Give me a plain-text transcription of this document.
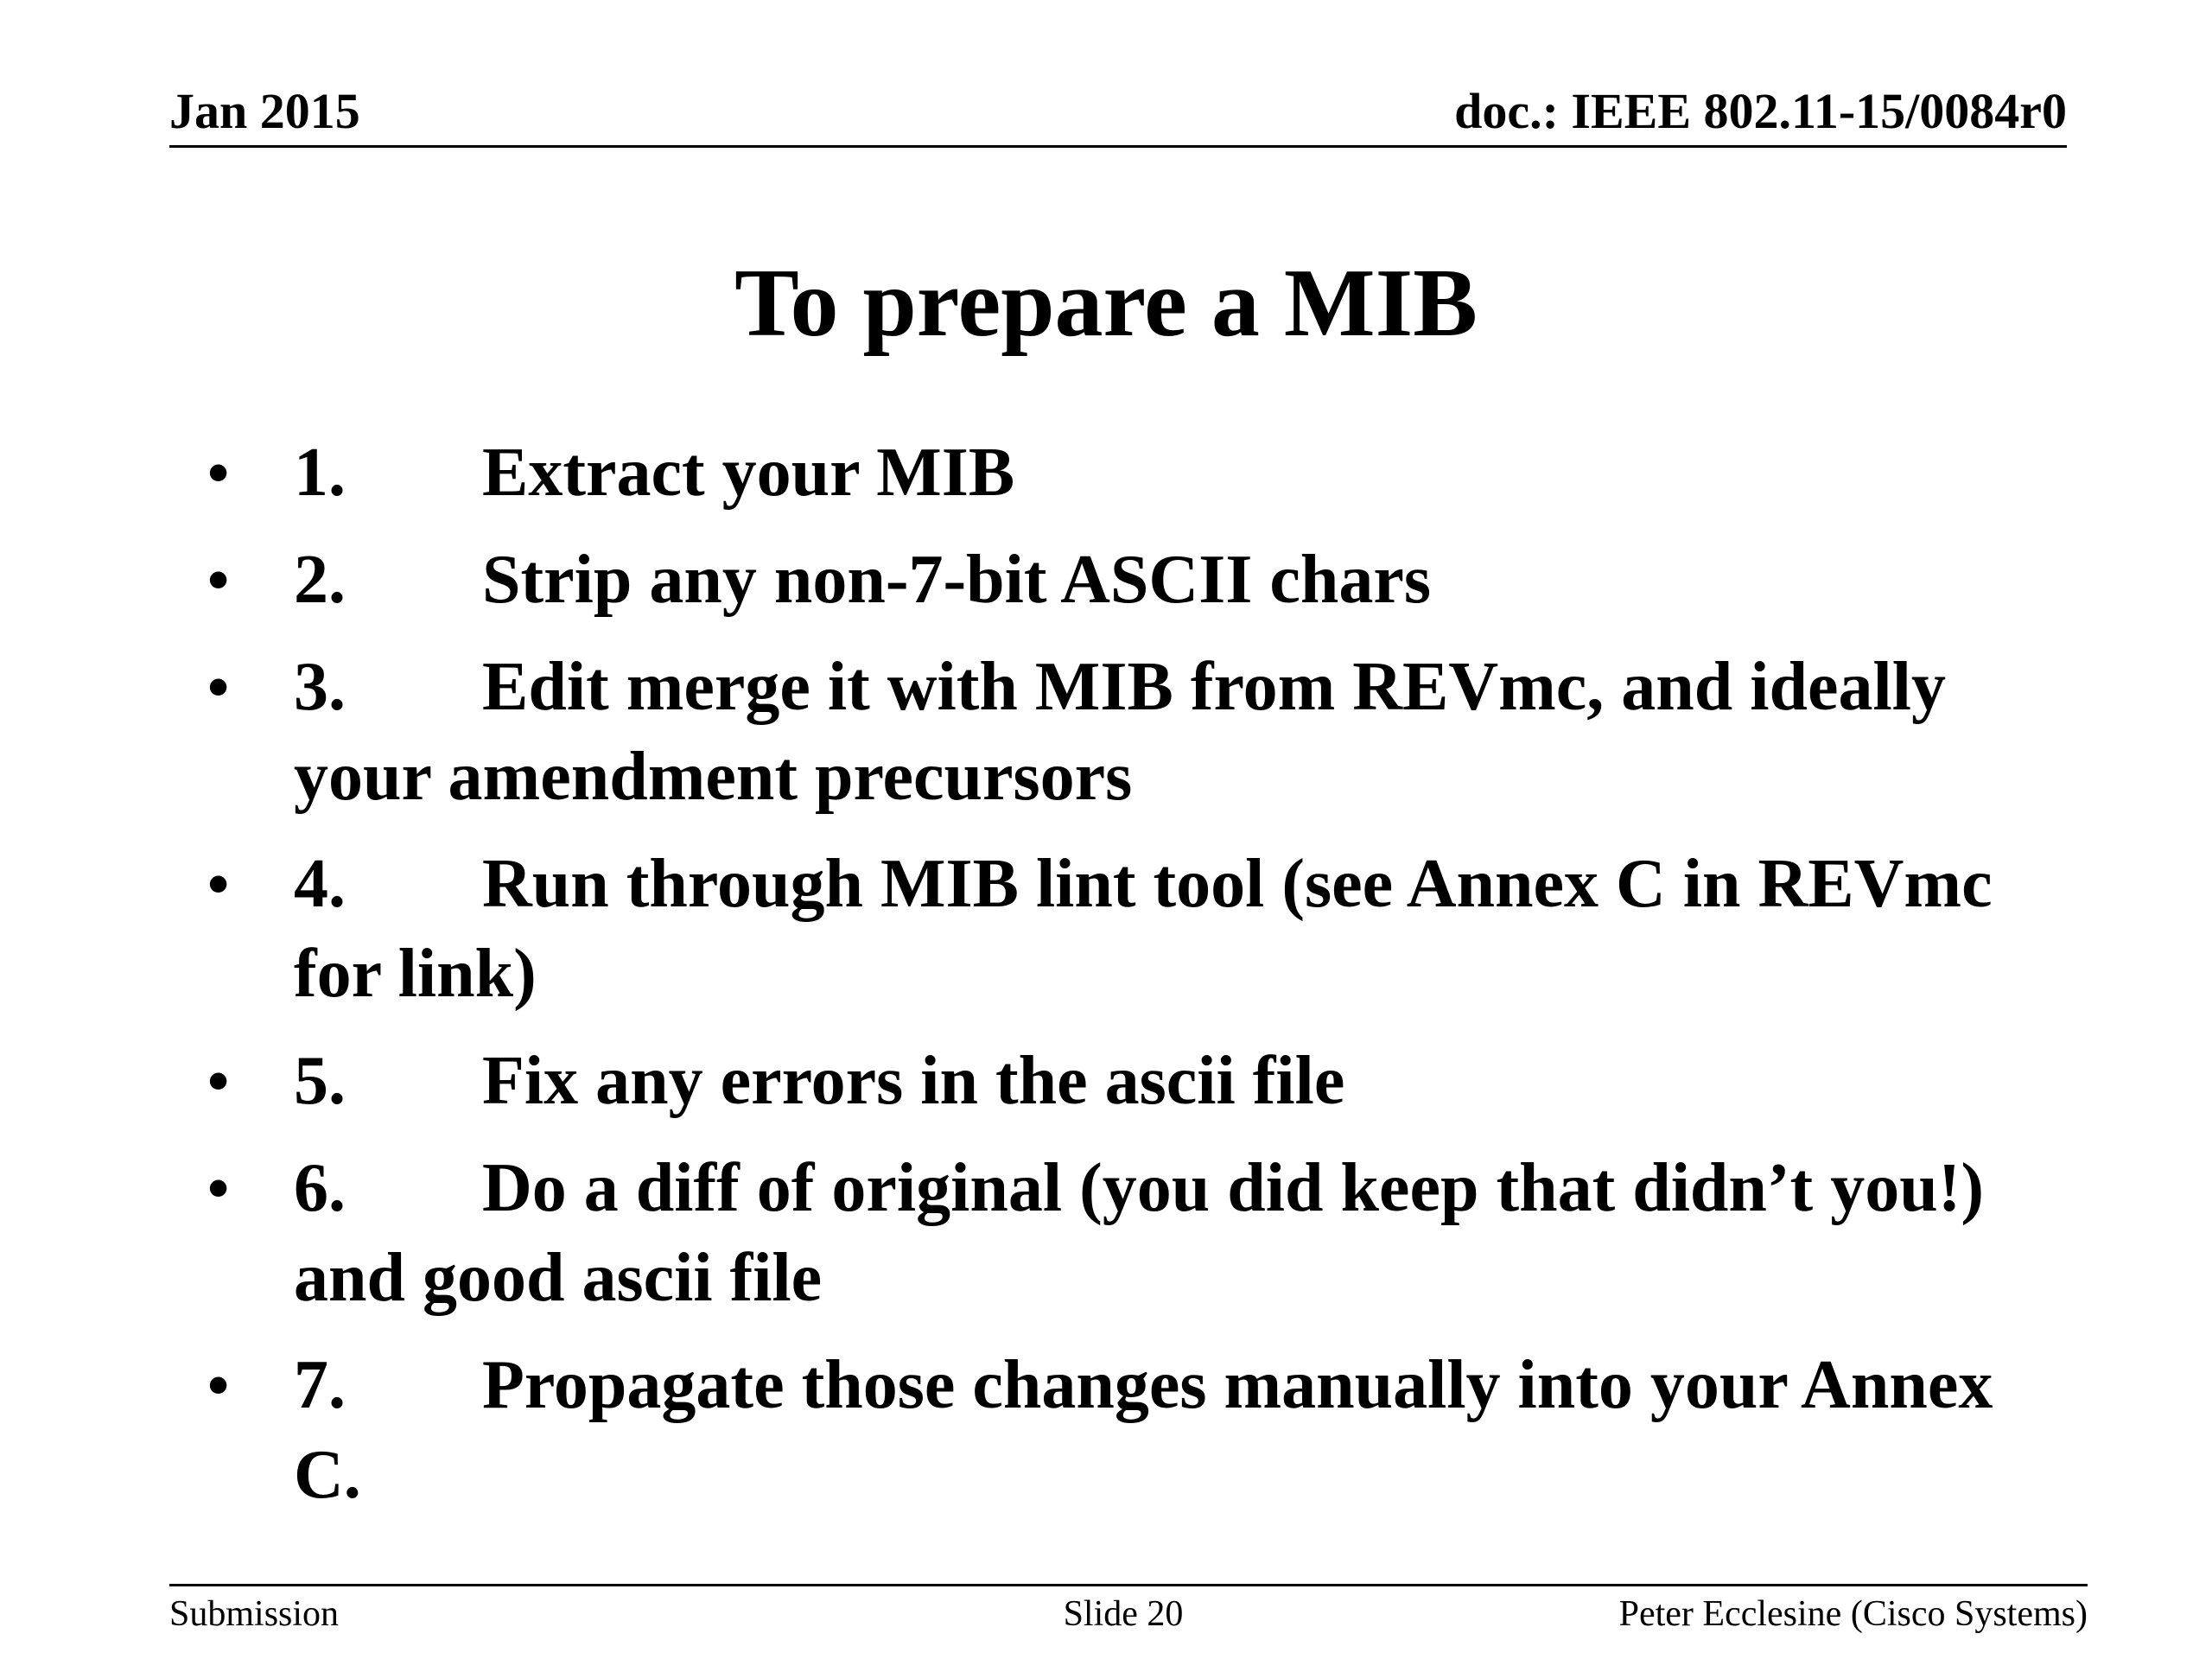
Jan 2015	doc.: IEEE 802.11-15/0084r0
To prepare a MIB
• 1. Extract your MIB
• 2. Strip any non-7-bit ASCII chars
• 3. Edit merge it with MIB from REVmc, and ideally your amendment precursors
• 4. Run through MIB lint tool (see Annex C in REVmc for link)
• 5. Fix any errors in the ascii file
• 6. Do a diff of original (you did keep that didn’t you!) and good ascii file
• 7. Propagate those changes manually into your Annex C.
Submission	Slide 20	Peter Ecclesine (Cisco Systems)
